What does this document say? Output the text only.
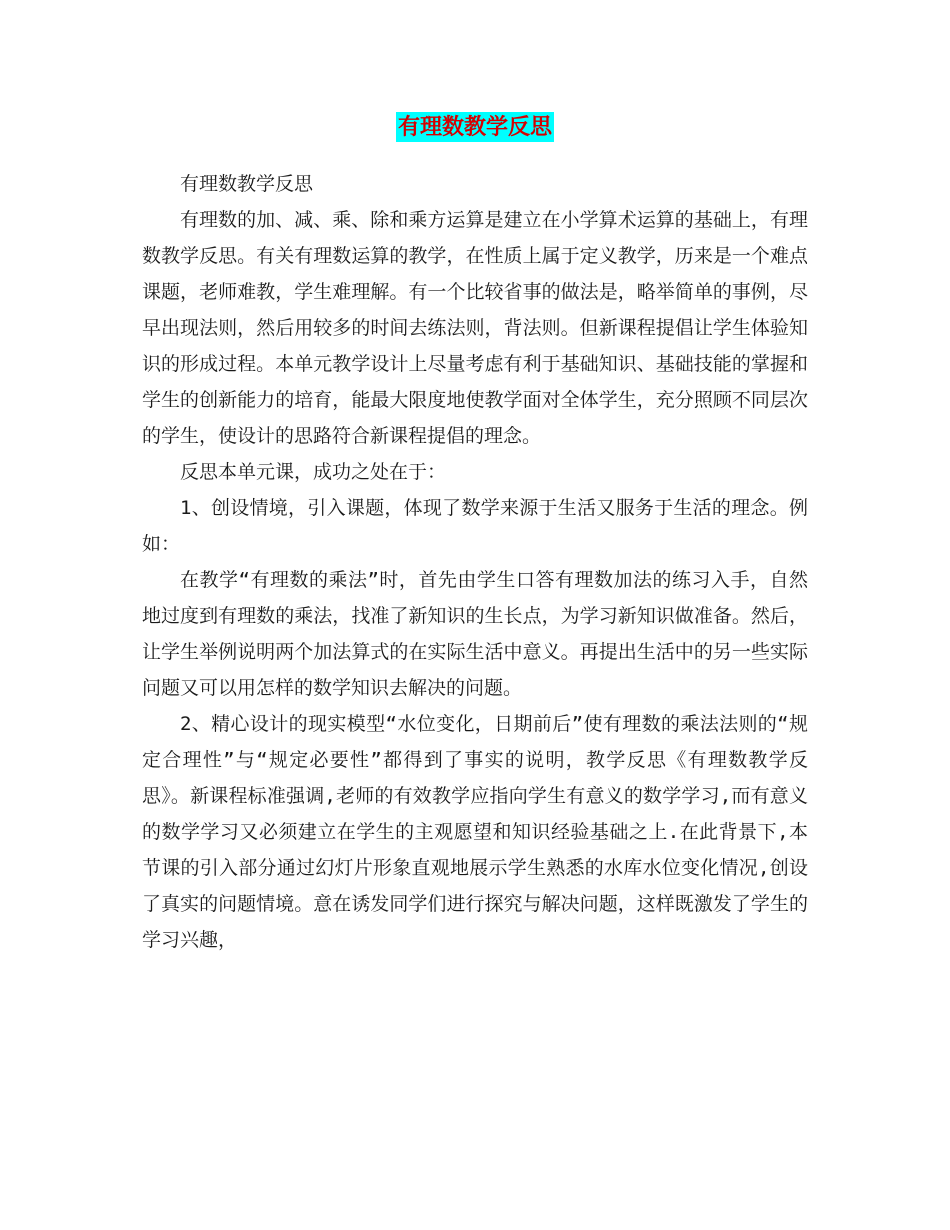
有理数教学反思

有理数教学反思

有理数的加、减、乘、除和乘方运算是建立在小学算术运算的基础上，有理数教学反思。有关有理数运算的教学，在性质上属于定义教学，历来是一个难点课题，老师难教，学生难理解。有一个比较省事的做法是，略举简单的事例，尽早出现法则，然后用较多的时间去练法则，背法则。但新课程提倡让学生体验知识的形成过程。本单元教学设计上尽量考虑有利于基础知识、基础技能的掌握和学生的创新能力的培育，能最大限度地使教学面对全体学生，充分照顾不同层次的学生，使设计的思路符合新课程提倡的理念。

反思本单元课，成功之处在于：

1、创设情境，引入课题，体现了数学来源于生活又服务于生活的理念。例如：

在教学“有理数的乘法”时，首先由学生口答有理数加法的练习入手，自然地过度到有理数的乘法，找准了新知识的生长点，为学习新知识做准备。然后，让学生举例说明两个加法算式的在实际生活中意义。再提出生活中的另一些实际问题又可以用怎样的数学知识去解决的问题。

2、精心设计的现实模型“水位变化，日期前后”使有理数的乘法法则的“规定合理性”与“规定必要性”都得到了事实的说明，教学反思《有理数教学反思》。新课程标准强调,老师的有效教学应指向学生有意义的数学学习,而有意义的数学学习又必须建立在学生的主观愿望和知识经验基础之上.在此背景下,本节课的引入部分通过幻灯片形象直观地展示学生熟悉的水库水位变化情况,创设了真实的问题情境。意在诱发同学们进行探究与解决问题，这样既激发了学生的学习兴趣，
